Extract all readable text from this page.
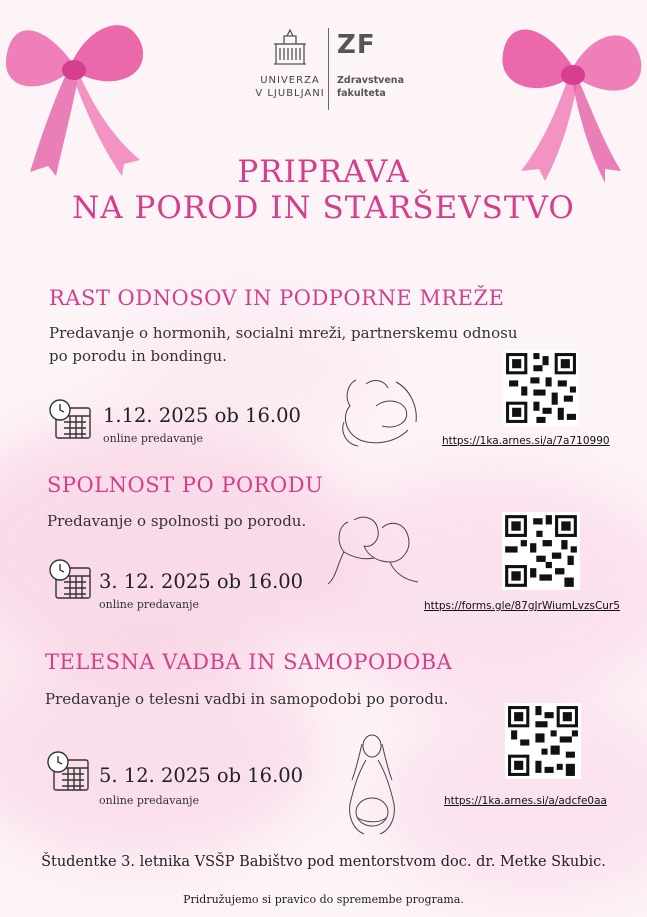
UNIVERZA
V LJUBLJANI
ZF
Zdravstvena
fakulteta
PRIPRAVA
NA POROD IN STARŠEVSTVO
RAST ODNOSOV IN PODPORNE MREŽE
Predavanje o hormonih, socialni mreži, partnerskemu odnosu
po porodu in bondingu.
1.12. 2025 ob 16.00
online predavanje	https://1ka.arnes.si/a/7a710990
SPOLNOST PO PORODU
Predavanje o spolnosti po porodu.
3. 12. 2025 ob 16.00
online predavanje	https://forms.gle/87gJrWiumLvzsCur5
TELESNA VADBA IN SAMOPODOBA
Predavanje o telesni vadbi in samopodobi po porodu.
5. 12. 2025 ob 16.00
online predavanje	https://1ka.arnes.si/a/adcfe0aa
Študentke 3. letnika VSŠP Babištvo pod mentorstvom doc. dr. Metke Skubic.
Pridružujemo si pravico do spremembe programa.
